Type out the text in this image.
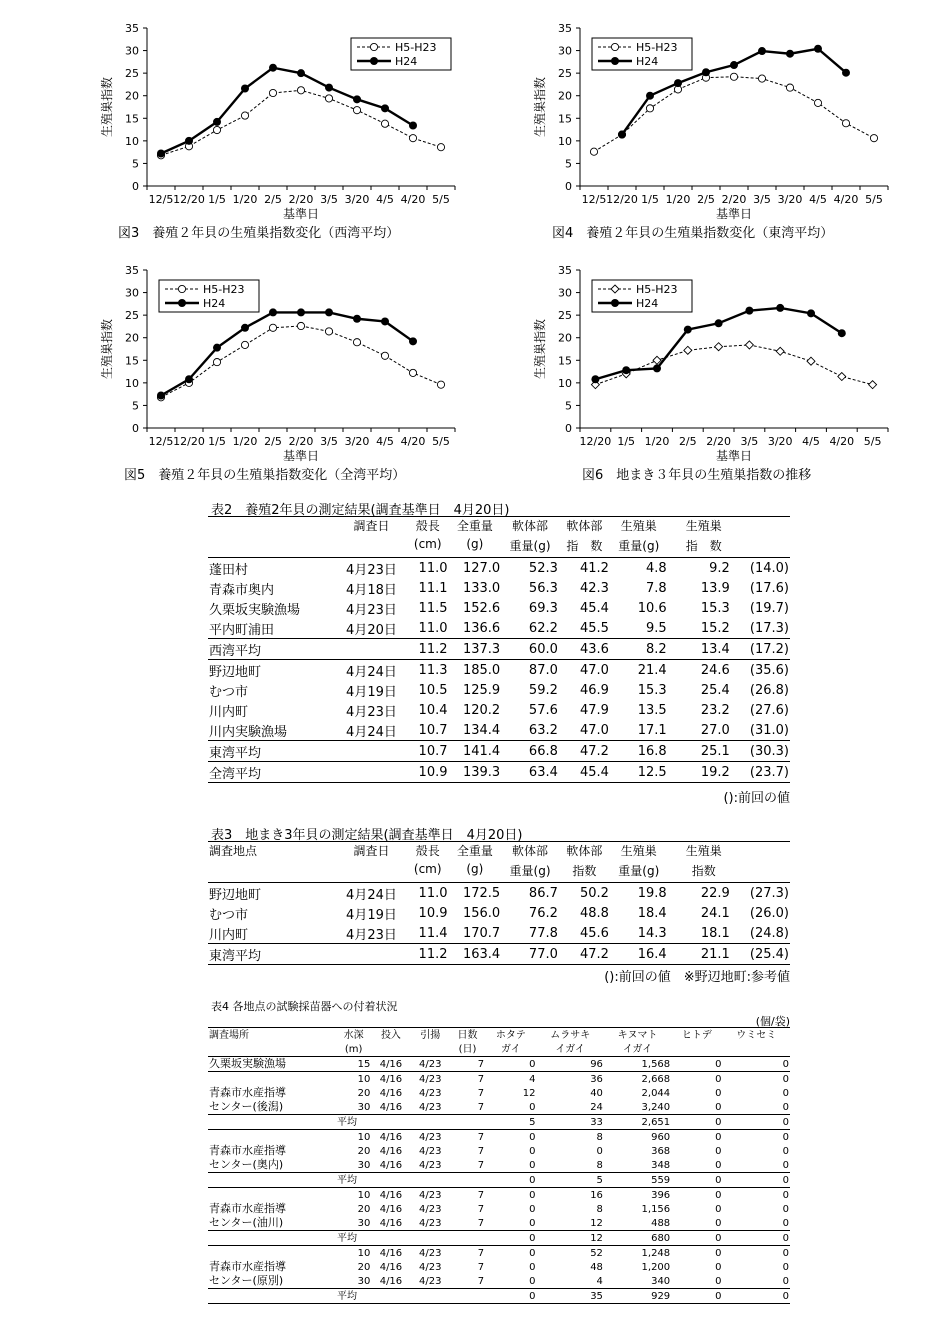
0
5
10
15
20
25
30
35
12/5 12/20 1/5 1/20 2/5 2/20 3/5 3/20 4/5 4/20 5/5
基準日
生殖巣指数
H5-H23
H24
図3　養殖２年貝の生殖巣指数変化（西湾平均）
0
5
10
15
20
25
30
35
12/5 12/20 1/5 1/20 2/5 2/20 3/5 3/20 4/5 4/20 5/5
基準日
生殖巣指数
H5-H23
H24
図4　養殖２年貝の生殖巣指数変化（東湾平均）
0
5
10
15
20
25
30
35
12/5 12/20 1/5 1/20 2/5 2/20 3/5 3/20 4/5 4/20 5/5
基準日
生殖巣指数
H5-H23
H24
図5　養殖２年貝の生殖巣指数変化（全湾平均）
0
5
10
15
20
25
30
35
12/20 1/5 1/20 2/5 2/20 3/5 3/20 4/5 4/20 5/5
基準日
生殖巣指数
H5-H23
H24
図6　地まき３年貝の生殖巣指数の推移
表2　養殖2年貝の測定結果(調査基準日　4月20日)
	調査日	殻長	全重量	軟体部	軟体部	生殖巣	生殖巣	
		(cm)	(g)	重量(g)	指　数	重量(g)	指　数	
蓬田村	4月23日	11.0	127.0	52.3	41.2	4.8	9.2	(14.0)
青森市奥内	4月18日	11.1	133.0	56.3	42.3	7.8	13.9	(17.6)
久栗坂実験漁場	4月23日	11.5	152.6	69.3	45.4	10.6	15.3	(19.7)
平内町浦田	4月20日	11.0	136.6	62.2	45.5	9.5	15.2	(17.3)
西湾平均		11.2	137.3	60.0	43.6	8.2	13.4	(17.2)
野辺地町	4月24日	11.3	185.0	87.0	47.0	21.4	24.6	(35.6)
むつ市	4月19日	10.5	125.9	59.2	46.9	15.3	25.4	(26.8)
川内町	4月23日	10.4	120.2	57.6	47.9	13.5	23.2	(27.6)
川内実験漁場	4月24日	10.7	134.4	63.2	47.0	17.1	27.0	(31.0)
東湾平均		10.7	141.4	66.8	47.2	16.8	25.1	(30.3)
全湾平均		10.9	139.3	63.4	45.4	12.5	19.2	(23.7)
():前回の値
表3　地まき3年貝の測定結果(調査基準日　4月20日)
調査地点	調査日	殻長	全重量	軟体部	軟体部	生殖巣	生殖巣	
		(cm)	(g)	重量(g)	指数	重量(g)	指数	
野辺地町	4月24日	11.0	172.5	86.7	50.2	19.8	22.9	(27.3)
むつ市	4月19日	10.9	156.0	76.2	48.8	18.4	24.1	(26.0)
川内町	4月23日	11.4	170.7	77.8	45.6	14.3	18.1	(24.8)
東湾平均		11.2	163.4	77.0	47.2	16.4	21.1	(25.4)
():前回の値　※野辺地町:参考値
表4 各地点の試験採苗器への付着状況
(個/袋)
調査場所	水深	投入	引揚	日数	ホタテ	ムラサキ	キヌマト	ヒトデ	ウミセミ
	(m)			(日)	ガイ	イガイ	イガイ		
久栗坂実験漁場	15	4/16	4/23	7	0	96	1,568	0	0
	10	4/16	4/23	7	4	36	2,668	0	0
青森市水産指導	20	4/16	4/23	7	12	40	2,044	0	0
センター(後潟)	30	4/16	4/23	7	0	24	3,240	0	0
	平均				5	33	2,651	0	0
	10	4/16	4/23	7	0	8	960	0	0
青森市水産指導	20	4/16	4/23	7	0	0	368	0	0
センター(奥内)	30	4/16	4/23	7	0	8	348	0	0
	平均				0	5	559	0	0
	10	4/16	4/23	7	0	16	396	0	0
青森市水産指導	20	4/16	4/23	7	0	8	1,156	0	0
センター(油川)	30	4/16	4/23	7	0	12	488	0	0
	平均				0	12	680	0	0
	10	4/16	4/23	7	0	52	1,248	0	0
青森市水産指導	20	4/16	4/23	7	0	48	1,200	0	0
センター(原別)	30	4/16	4/23	7	0	4	340	0	0
	平均				0	35	929	0	0
